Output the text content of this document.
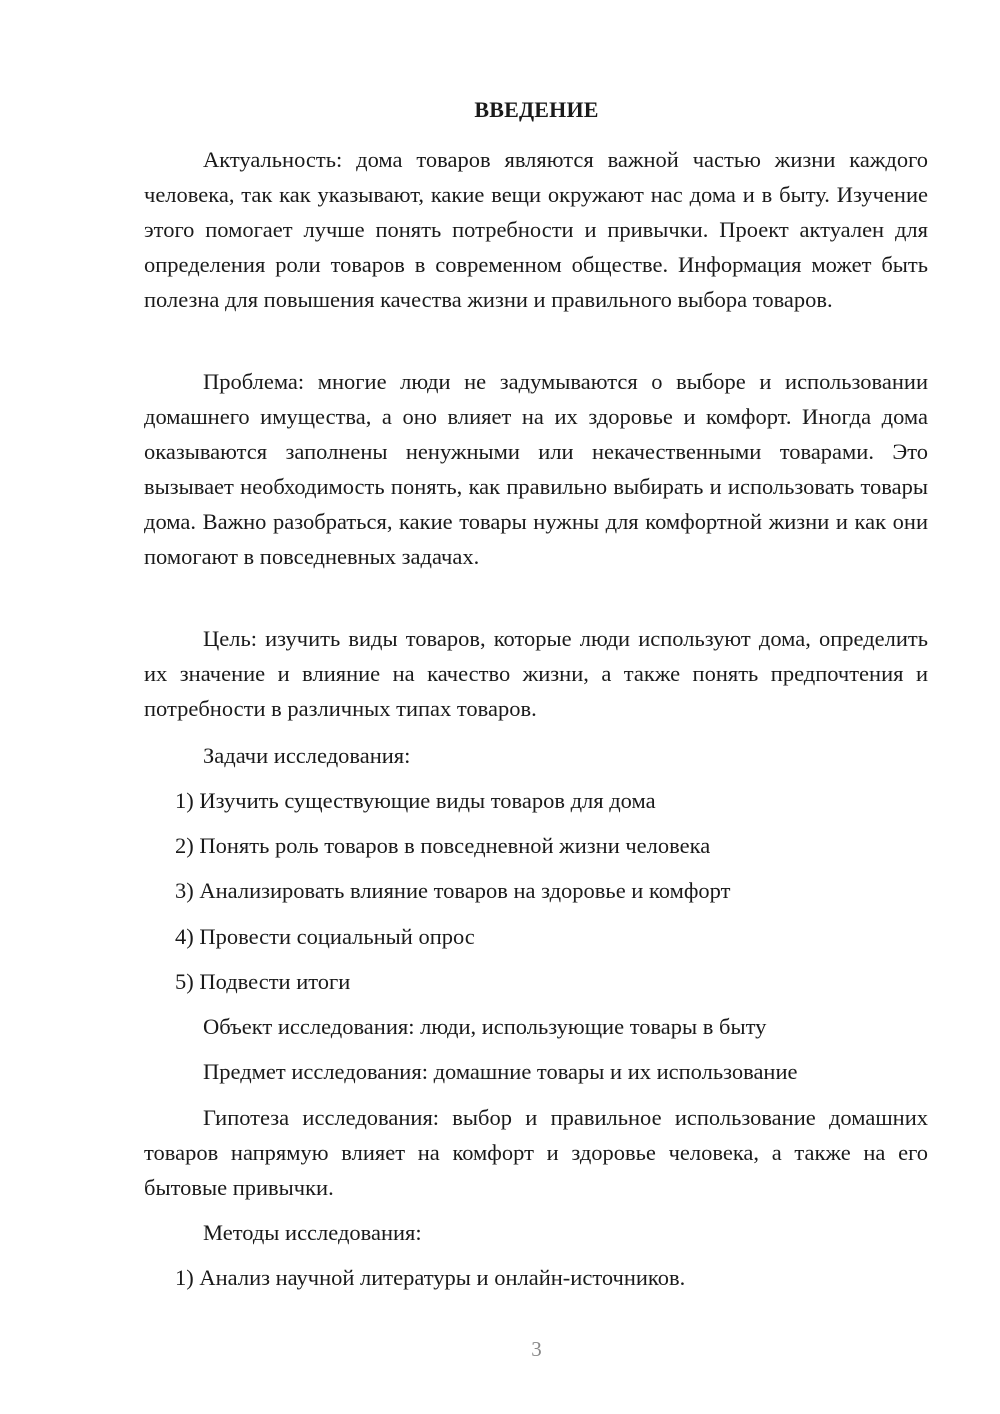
ВВЕДЕНИЕ

Актуальность: дома товаров являются важной частью жизни каждого человека, так как указывают, какие вещи окружают нас дома и в быту. Изучение этого помогает лучше понять потребности и привычки. Проект актуален для определения роли товаров в современном обществе. Информация может быть полезна для повышения качества жизни и правильного выбора товаров.

Проблема: многие люди не задумываются о выборе и использовании домашнего имущества, а оно влияет на их здоровье и комфорт. Иногда дома оказываются заполнены ненужными или некачественными товарами. Это вызывает необходимость понять, как правильно выбирать и использовать товары дома. Важно разобраться, какие товары нужны для комфортной жизни и как они помогают в повседневных задачах.

Цель: изучить виды товаров, которые люди используют дома, определить их значение и влияние на качество жизни, а также понять предпочтения и потребности в различных типах товаров.

Задачи исследования:

1) Изучить существующие виды товаров для дома

2) Понять роль товаров в повседневной жизни человека

3) Анализировать влияние товаров на здоровье и комфорт

4) Провести социальный опрос

5) Подвести итоги

Объект исследования: люди, использующие товары в быту

Предмет исследования: домашние товары и их использование

Гипотеза исследования: выбор и правильное использование домашних товаров напрямую влияет на комфорт и здоровье человека, а также на его бытовые привычки.

Методы исследования:

1) Анализ научной литературы и онлайн-источников.

3
